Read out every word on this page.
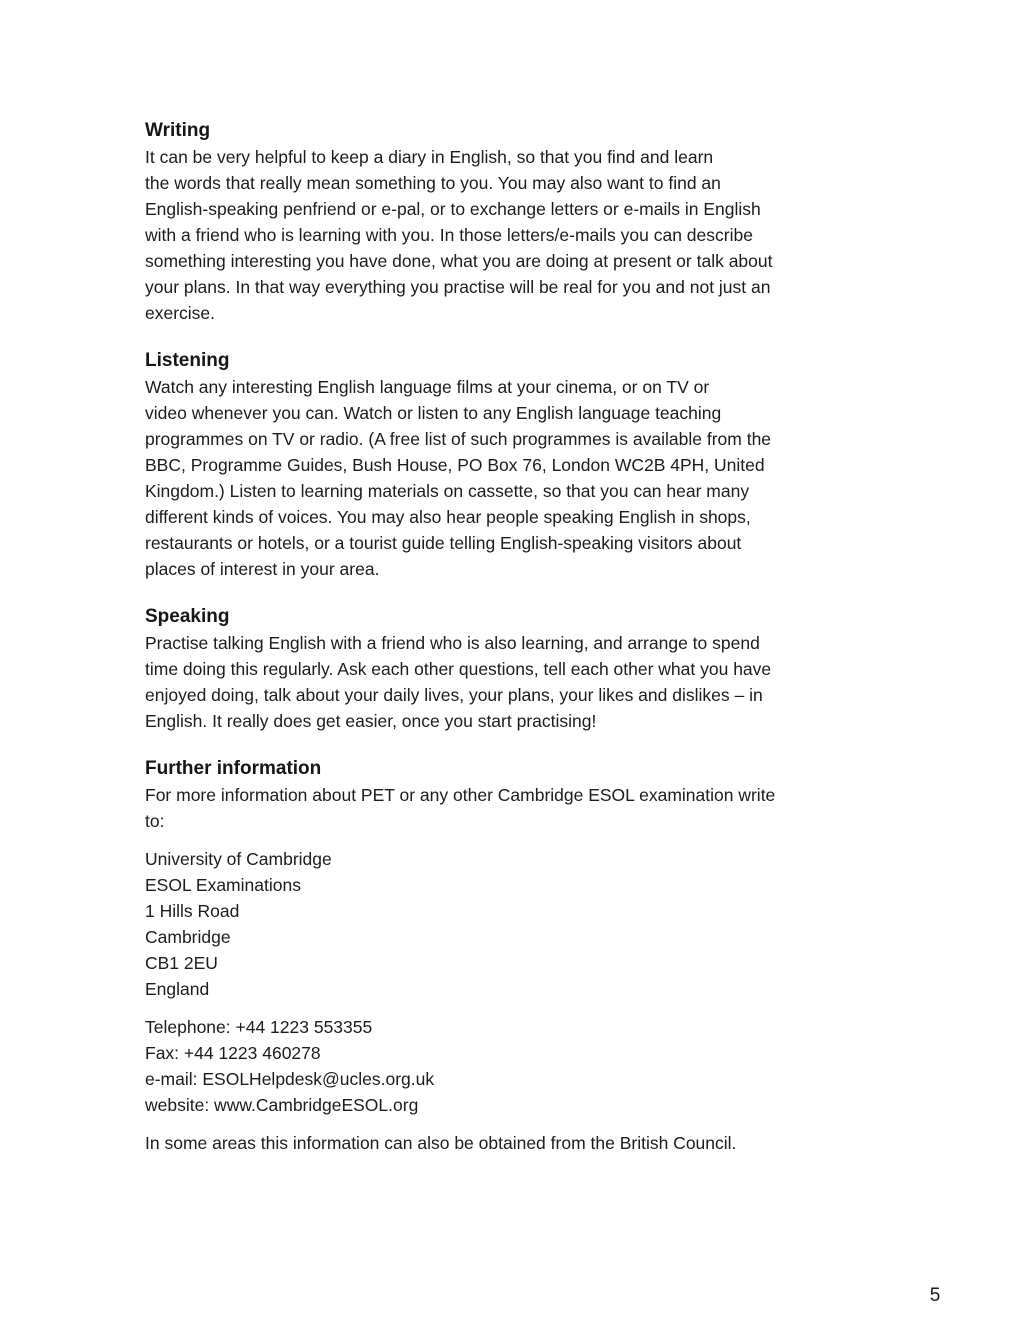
Writing

It can be very helpful to keep a diary in English, so that you find and learn
the words that really mean something to you. You may also want to find an
English-speaking penfriend or e-pal, or to exchange letters or e-mails in English
with a friend who is learning with you. In those letters/e-mails you can describe
something interesting you have done, what you are doing at present or talk about
your plans. In that way everything you practise will be real for you and not just an
exercise.

Listening

Watch any interesting English language films at your cinema, or on TV or
video whenever you can. Watch or listen to any English language teaching
programmes on TV or radio. (A free list of such programmes is available from the
BBC, Programme Guides, Bush House, PO Box 76, London WC2B 4PH, United
Kingdom.) Listen to learning materials on cassette, so that you can hear many
different kinds of voices. You may also hear people speaking English in shops,
restaurants or hotels, or a tourist guide telling English-speaking visitors about
places of interest in your area.

Speaking

Practise talking English with a friend who is also learning, and arrange to spend
time doing this regularly. Ask each other questions, tell each other what you have
enjoyed doing, talk about your daily lives, your plans, your likes and dislikes – in
English. It really does get easier, once you start practising!

Further information

For more information about PET or any other Cambridge ESOL examination write
to:

University of Cambridge
ESOL Examinations
1 Hills Road
Cambridge
CB1 2EU
England

Telephone: +44 1223 553355
Fax: +44 1223 460278
e-mail: ESOLHelpdesk@ucles.org.uk
website: www.CambridgeESOL.org

In some areas this information can also be obtained from the British Council.

5
